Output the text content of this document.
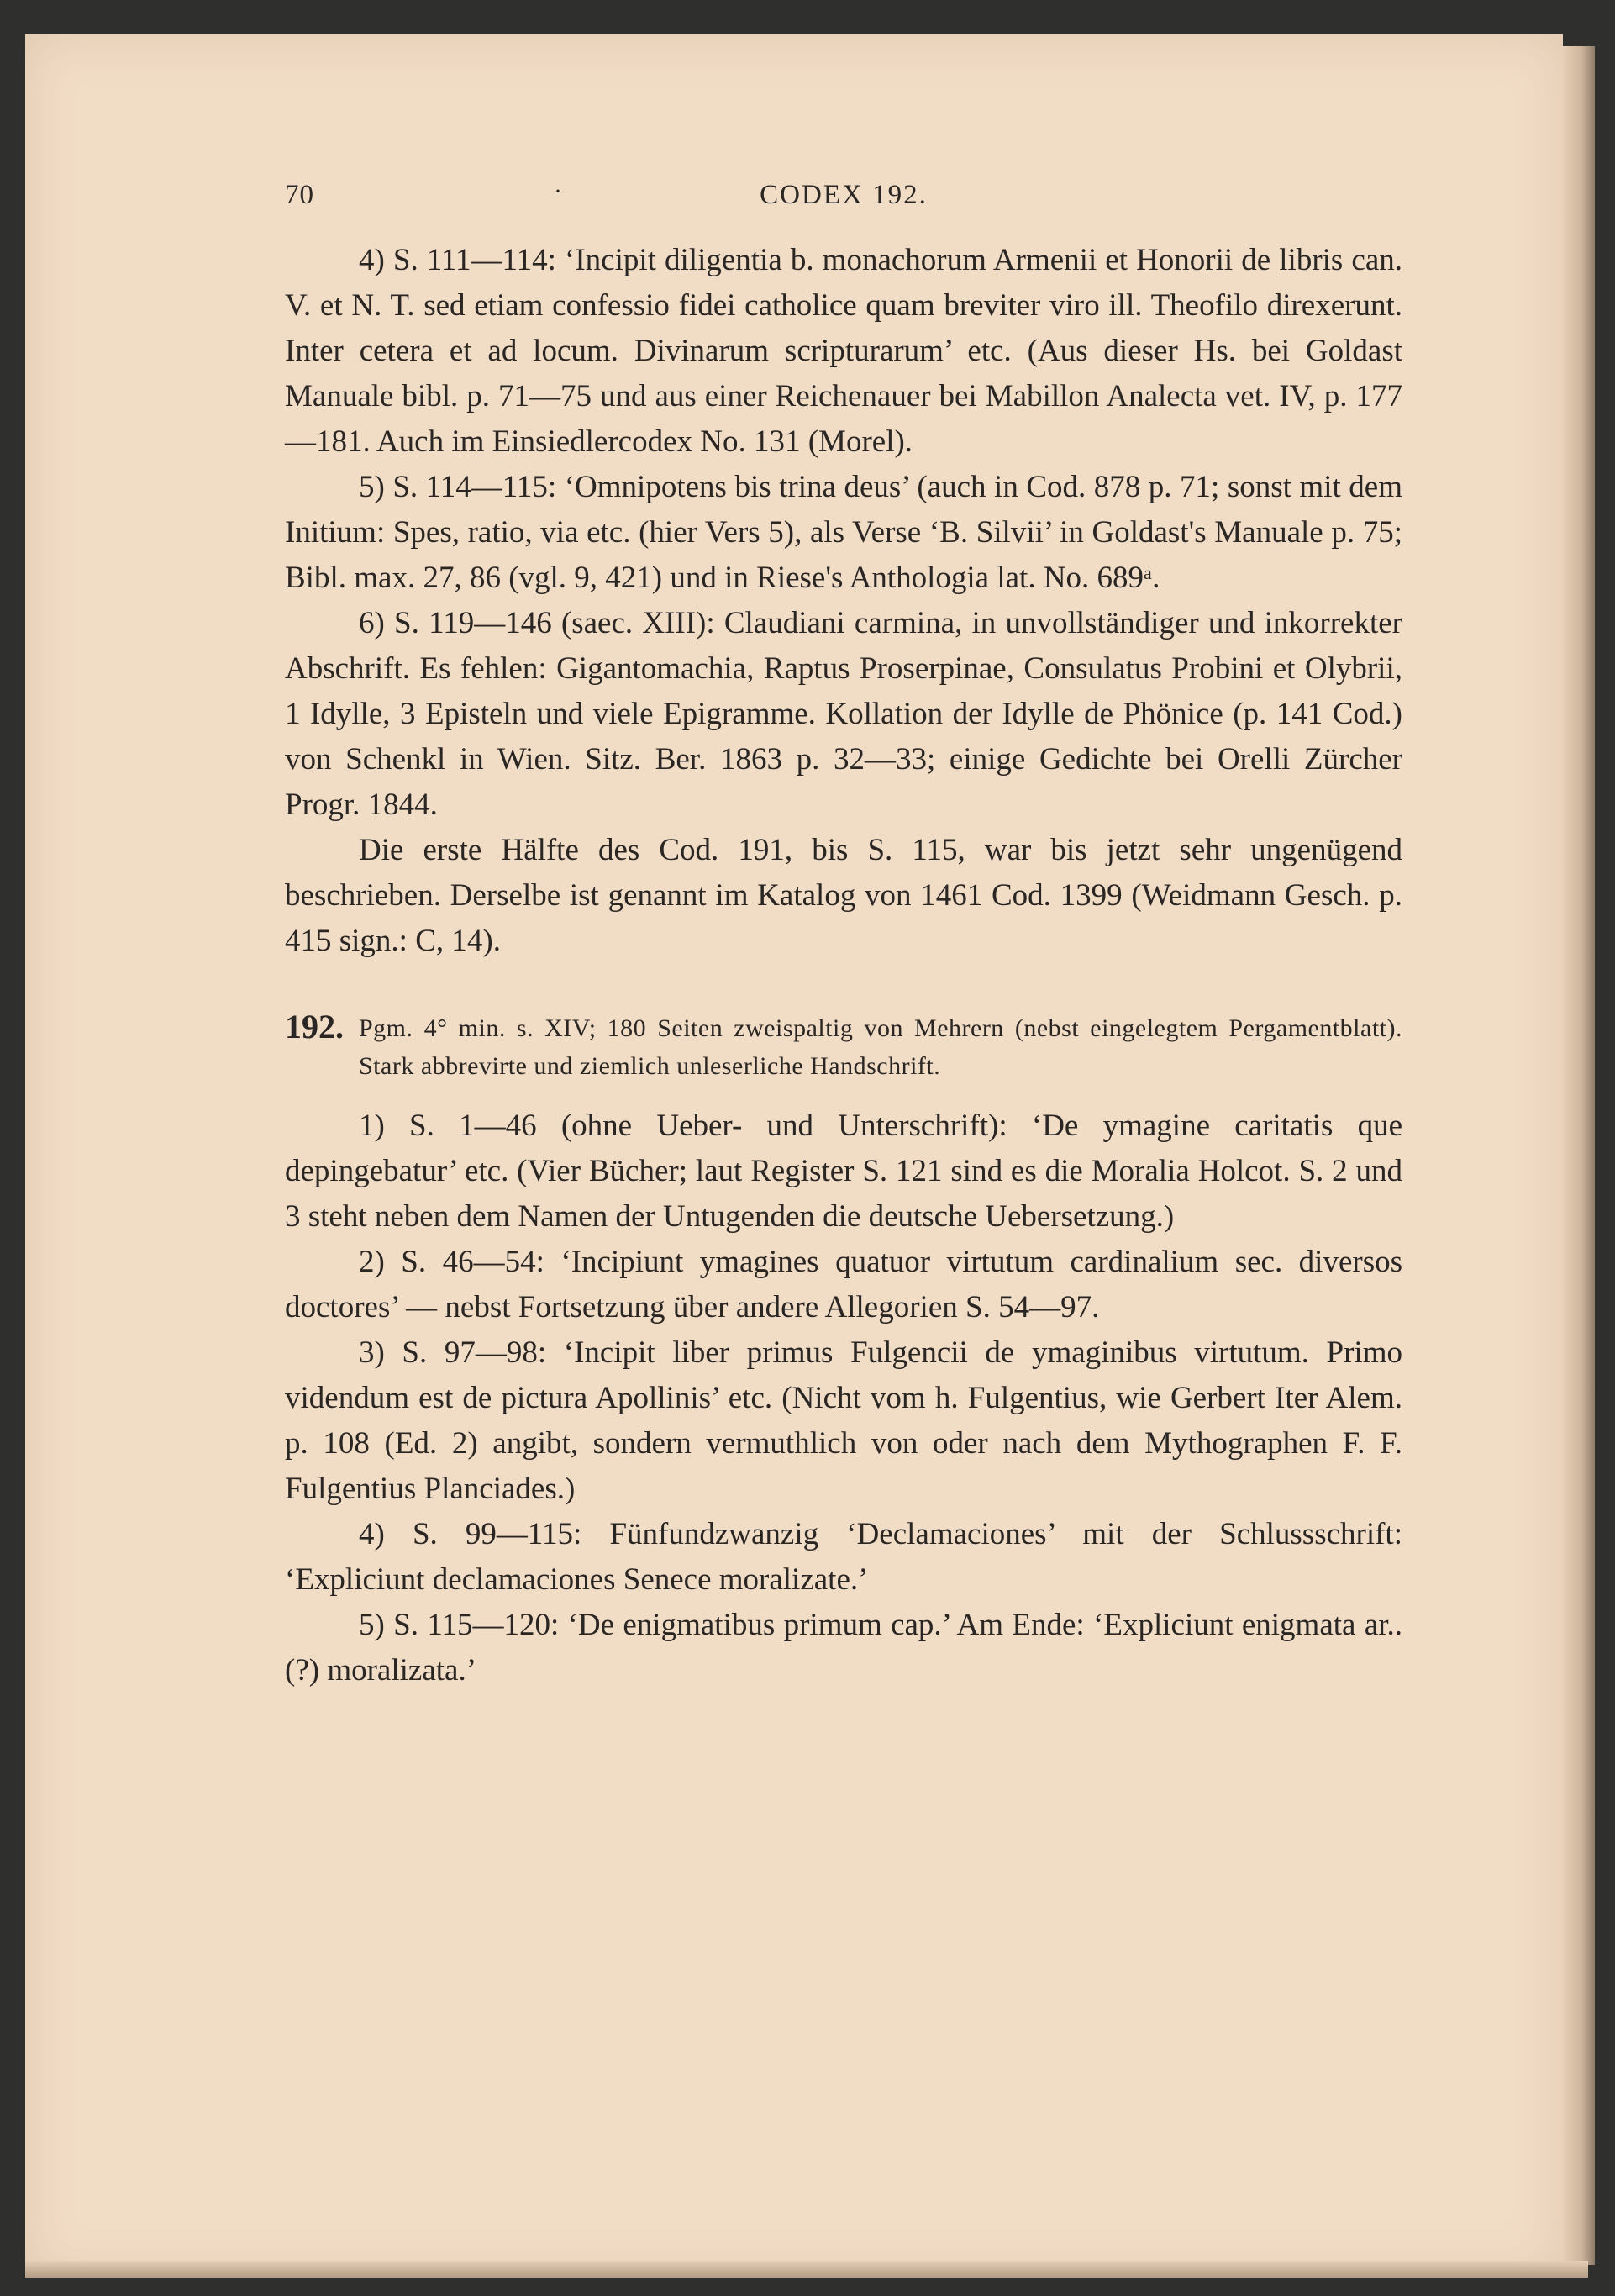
70	·	CODEX 192.

4) S. 111—114: ‘Incipit diligentia b. monachorum Armenii et Honorii de libris can. V. et N. T. sed etiam confessio fidei catholice quam breviter viro ill. Theofilo direxerunt. Inter cetera et ad locum. Divinarum scripturarum’ etc. (Aus dieser Hs. bei Goldast Manuale bibl. p. 71—75 und aus einer Reichenauer bei Mabillon Analecta vet. IV, p. 177—181. Auch im Einsiedlercodex No. 131 (Morel).

5) S. 114—115: ‘Omnipotens bis trina deus’ (auch in Cod. 878 p. 71; sonst mit dem Initium: Spes, ratio, via etc. (hier Vers 5), als Verse ‘B. Silvii’ in Goldast's Manuale p. 75; Bibl. max. 27, 86 (vgl. 9, 421) und in Riese's Anthologia lat. No. 689ᵃ.

6) S. 119—146 (saec. XIII): Claudiani carmina, in unvollständiger und inkorrekter Abschrift. Es fehlen: Gigantomachia, Raptus Proserpinae, Consulatus Probini et Olybrii, 1 Idylle, 3 Episteln und viele Epigramme. Kollation der Idylle de Phönice (p. 141 Cod.) von Schenkl in Wien. Sitz. Ber. 1863 p. 32—33; einige Gedichte bei Orelli Zürcher Progr. 1844.

Die erste Hälfte des Cod. 191, bis S. 115, war bis jetzt sehr ungenügend beschrieben. Derselbe ist genannt im Katalog von 1461 Cod. 1399 (Weidmann Gesch. p. 415 sign.: C, 14).

192. Pgm. 4° min. s. XIV; 180 Seiten zweispaltig von Mehrern (nebst eingelegtem Pergamentblatt). Stark abbrevirte und ziemlich unleserliche Handschrift.

1) S. 1—46 (ohne Ueber- und Unterschrift): ‘De ymagine caritatis que depingebatur’ etc. (Vier Bücher; laut Register S. 121 sind es die Moralia Holcot. S. 2 und 3 steht neben dem Namen der Untugenden die deutsche Uebersetzung.)

2) S. 46—54: ‘Incipiunt ymagines quatuor virtutum cardinalium sec. diversos doctores’ — nebst Fortsetzung über andere Allegorien S. 54—97.

3) S. 97—98: ‘Incipit liber primus Fulgencii de ymaginibus virtutum. Primo videndum est de pictura Apollinis’ etc. (Nicht vom h. Fulgentius, wie Gerbert Iter Alem. p. 108 (Ed. 2) angibt, sondern vermuthlich von oder nach dem Mythographen F. F. Fulgentius Planciades.)

4) S. 99—115: Fünfundzwanzig ‘Declamaciones’ mit der Schlussschrift: ‘Expliciunt declamaciones Senece moralizate.’

5) S. 115—120: ‘De enigmatibus primum cap.’ Am Ende: ‘Expliciunt enigmata ar..(?) moralizata.’
